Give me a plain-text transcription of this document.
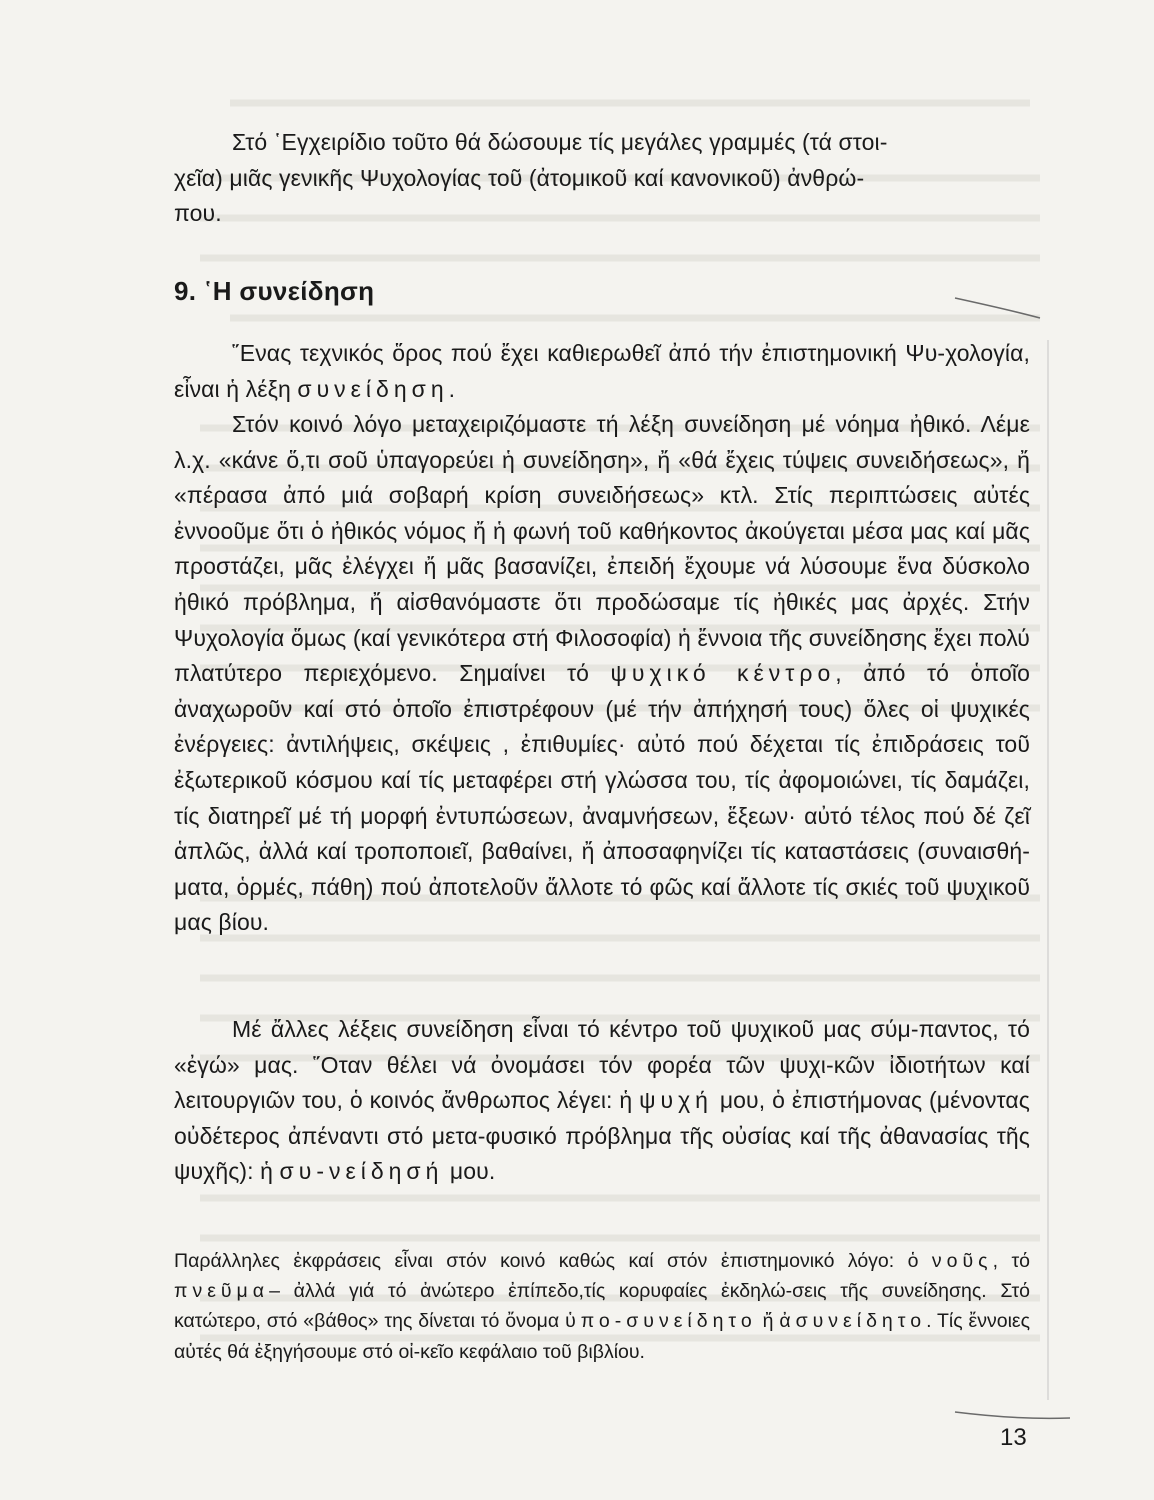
Στό ῾Εγχειρίδιο τοῦτο θά δώσουμε τίς μεγάλες γραμμές (τά στοι-
χεῖα) μιᾶς γενικῆς Ψυχολογίας τοῦ (ἀτομικοῦ καί κανονικοῦ) ἀνθρώ-
που.
9. ῾Η συνείδηση
῞Ενας τεχνικός ὅρος πού ἔχει καθιερωθεῖ ἀπό τήν ἐπιστημονική Ψυ-χολογία, εἶναι ἡ λέξη συνείδηση.
Στόν κοινό λόγο μεταχειριζόμαστε τή λέξη συνείδηση μέ νόημα ἠθικό. Λέμε λ.χ. «κάνε ὅ,τι σοῦ ὑπαγορεύει ἡ συνείδηση», ἤ «θά ἔχεις τύψεις συνειδήσεως», ἤ «πέρασα ἀπό μιά σοβαρή κρίση συνειδήσεως» κτλ. Στίς περιπτώσεις αὐτές ἐννοοῦμε ὅτι ὁ ἠθικός νόμος ἤ ἡ φωνή τοῦ καθήκοντος ἀκούγεται μέσα μας καί μᾶς προστάζει, μᾶς ἐλέγχει ἤ μᾶς βασανίζει, ἐπειδή ἔχουμε νά λύσουμε ἕνα δύσκολο ἠθικό πρόβλημα, ἤ αἰσθανόμαστε ὅτι προδώσαμε τίς ἠθικές μας ἀρχές. Στήν Ψυχολογία ὅμως (καί γενικότερα στή Φιλοσοφία) ἡ ἔννοια τῆς συνείδησης ἔχει πολύ πλατύτερο περιεχόμενο. Σημαίνει τό ψυχικό κέντρο, ἀπό τό ὁποῖο ἀναχωροῦν καί στό ὁποῖο ἐπιστρέφουν (μέ τήν ἀπήχησή τους) ὅλες οἱ ψυχικές ἐνέργειες: ἀντιλήψεις, σκέψεις , ἐπιθυμίες· αὐτό πού δέχεται τίς ἐπιδράσεις τοῦ ἐξωτερικοῦ κόσμου καί τίς μεταφέρει στή γλώσσα του, τίς ἀφομοιώνει, τίς δαμάζει, τίς διατηρεῖ μέ τή μορφή ἐντυπώσεων, ἀναμνήσεων, ἕξεων· αὐτό τέλος πού δέ ζεῖ ἁπλῶς, ἀλλά καί τροποποιεῖ, βαθαίνει, ἤ ἀποσαφηνίζει τίς καταστάσεις (συναισθή-ματα, ὁρμές, πάθη) πού ἀποτελοῦν ἄλλοτε τό φῶς καί ἄλλοτε τίς σκιές τοῦ ψυχικοῦ μας βίου.
Μέ ἄλλες λέξεις συνείδηση εἶναι τό κέντρο τοῦ ψυχικοῦ μας σύμ-παντος, τό «ἐγώ» μας. ῞Οταν θέλει νά ὀνομάσει τόν φορέα τῶν ψυχι-κῶν ἰδιοτήτων καί λειτουργιῶν του, ὁ κοινός ἄνθρωπος λέγει: ἡ ψυχή μου, ὁ ἐπιστήμονας (μένοντας οὐδέτερος ἀπέναντι στό μετα-φυσικό πρόβλημα τῆς οὐσίας καί τῆς ἀθανασίας τῆς ψυχῆς): ἡ συ-νείδησή μου.
Παράλληλες ἐκφράσεις εἶναι στόν κοινό καθώς καί στόν ἐπιστημονικό λόγο: ὁ νοῦς, τό πνεῦμα– ἀλλά γιά τό ἀνώτερο ἐπίπεδο,τίς κορυφαίες ἐκδηλώ-σεις τῆς συνείδησης. Στό κατώτερο, στό «βάθος» της δίνεται τό ὄνομα ὑπο-συνείδητο ἤ ἀσυνείδητο. Τίς ἔννοιες αὐτές θά ἐξηγήσουμε στό οἰ-κεῖο κεφάλαιο τοῦ βιβλίου.
13
